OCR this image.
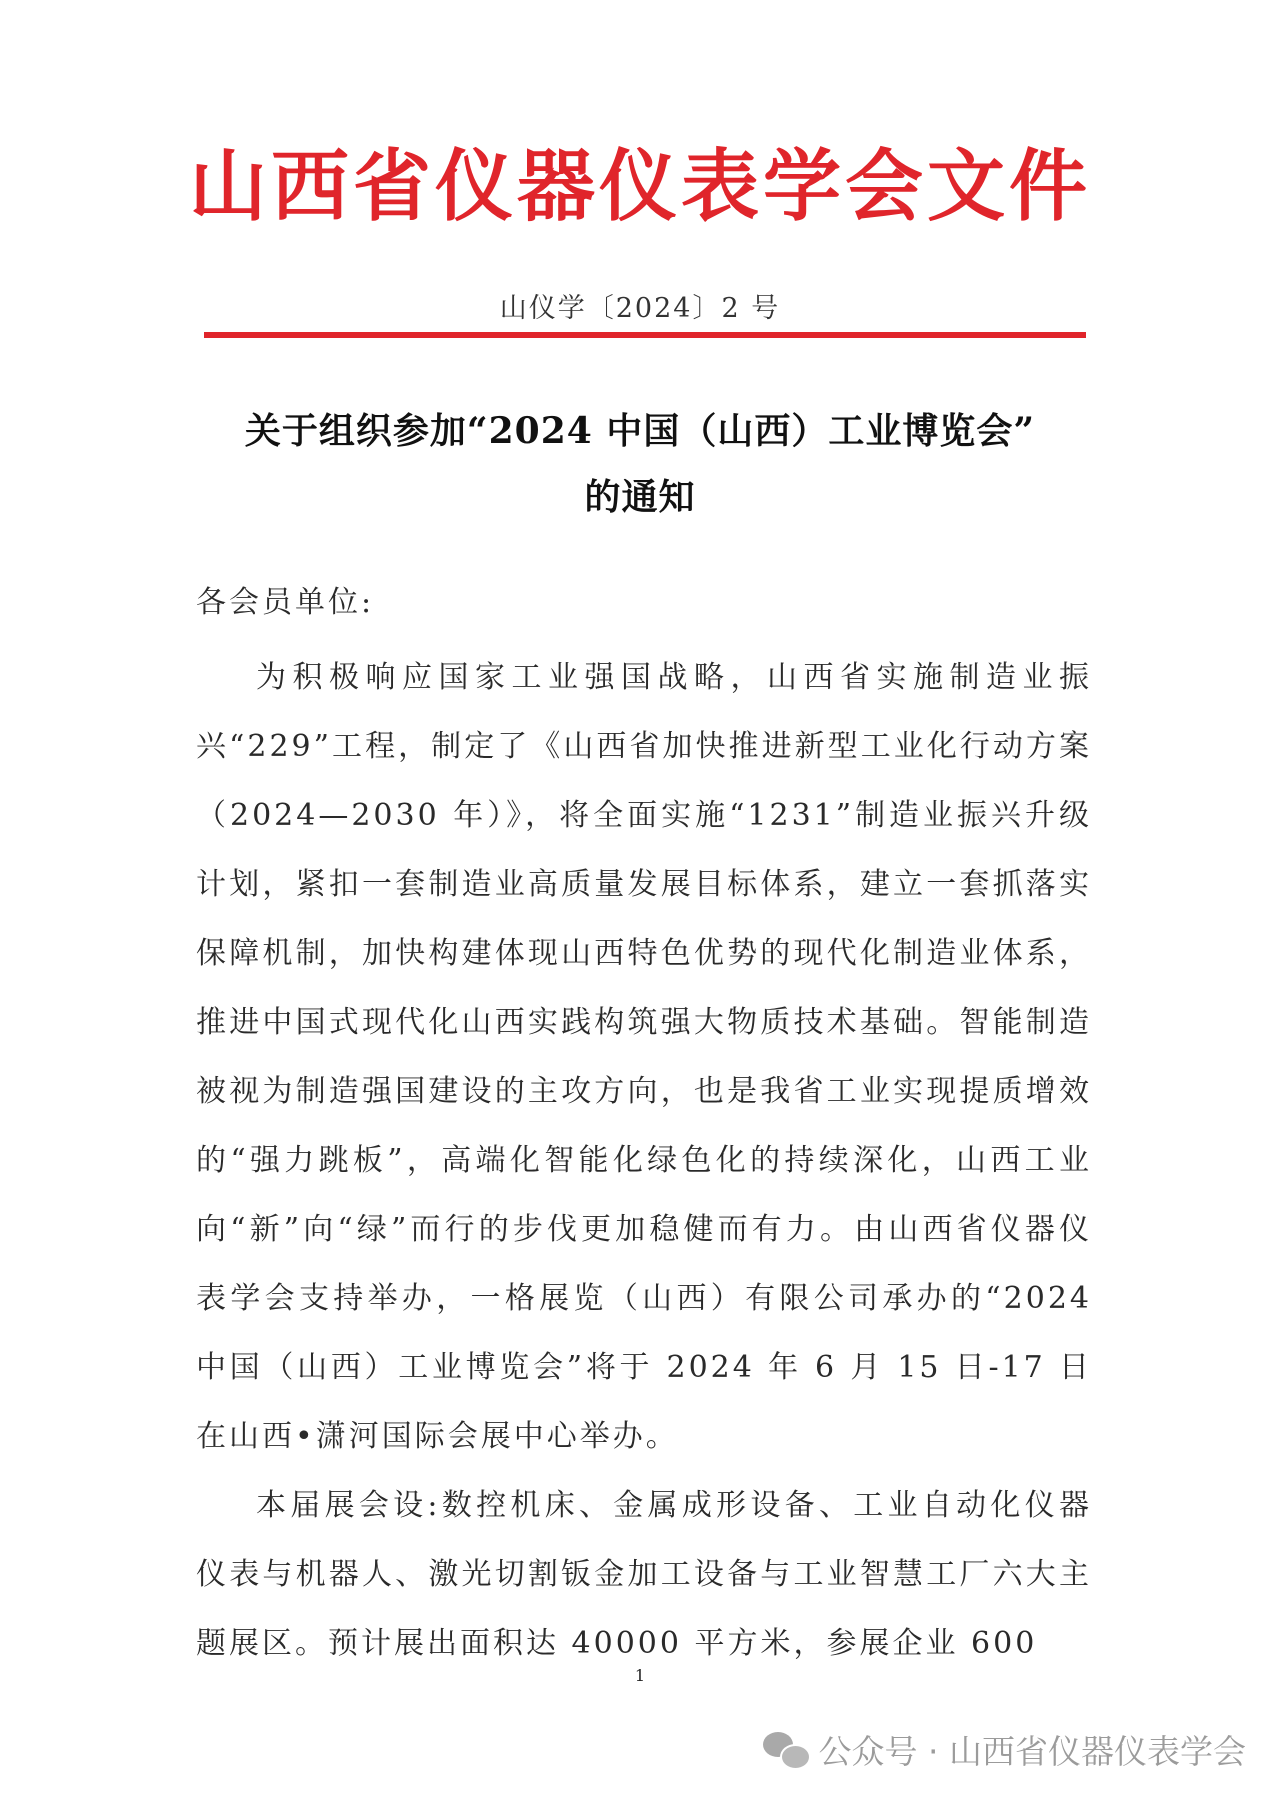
山西省仪器仪表学会文件
山仪学〔2024〕2 号
关于组织参加“2024 中国（山西）工业博览会”
的通知
各会员单位:

为积极响应国家工业强国战略，山西省实施制造业振兴“229”工程，制定了《山西省加快推进新型工业化行动方案（2024—2030 年）》，将全面实施“1231”制造业振兴升级计划，紧扣一套制造业高质量发展目标体系，建立一套抓落实保障机制，加快构建体现山西特色优势的现代化制造业体系，推进中国式现代化山西实践构筑强大物质技术基础。智能制造被视为制造强国建设的主攻方向，也是我省工业实现提质增效的“强力跳板”，高端化智能化绿色化的持续深化，山西工业向“新”向“绿”而行的步伐更加稳健而有力。由山西省仪器仪表学会支持举办，一格展览（山西）有限公司承办的“2024 中国（山西）工业博览会”将于 2024 年 6 月 15 日-17 日在山西•潇河国际会展中心举办。

本届展会设:数控机床、金属成形设备、工业自动化仪器仪表与机器人、激光切割钣金加工设备与工业智慧工厂六大主题展区。预计展出面积达 40000 平方米，参展企业 600

1
公众号 · 山西省仪器仪表学会
